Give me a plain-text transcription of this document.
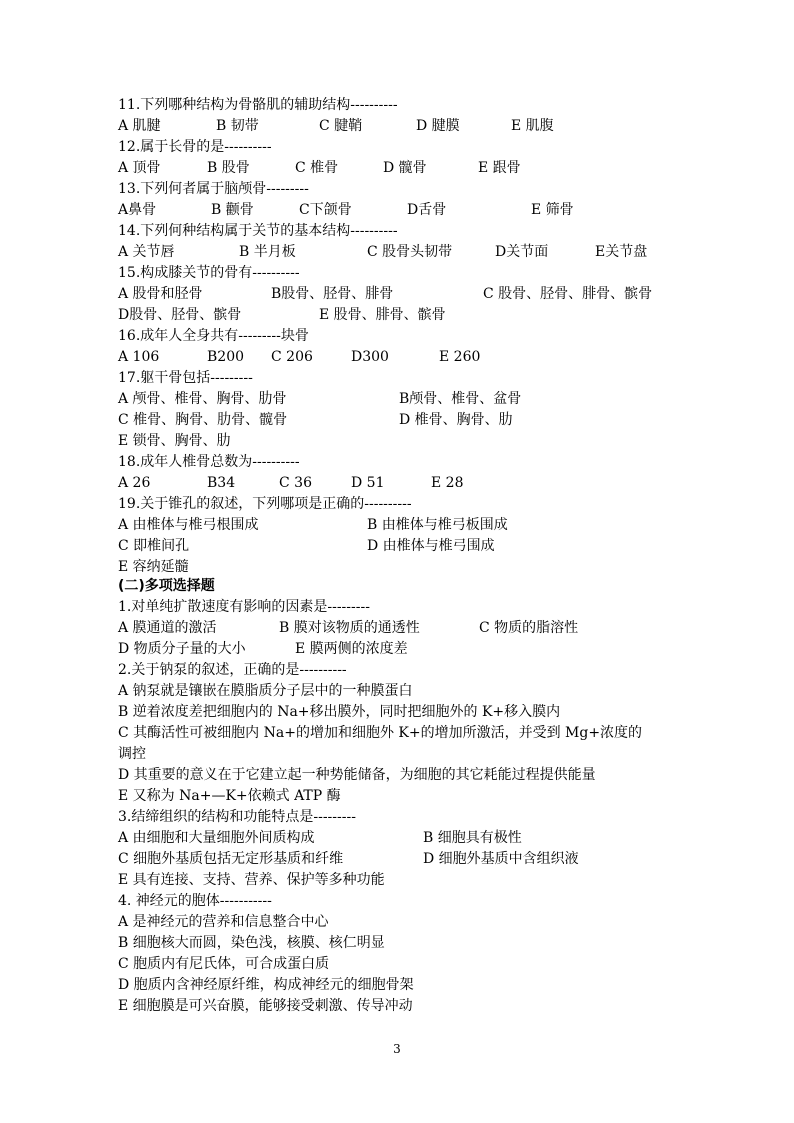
11.下列哪种结构为骨骼肌的辅助结构----------
A 肌腱	B 韧带	C 腱鞘	D 腱膜	E 肌腹
12.属于长骨的是----------
A 顶骨	B 股骨	C 椎骨	D 髋骨	E 跟骨
13.下列何者属于脑颅骨---------
A鼻骨	B 颧骨	C下颌骨	D舌骨	E 筛骨
14.下列何种结构属于关节的基本结构----------
A 关节唇	B 半月板	C 股骨头韧带	D关节面	E关节盘
15.构成膝关节的骨有----------
A 股骨和胫骨	B股骨、胫骨、腓骨	C 股骨、胫骨、腓骨、髌骨
D股骨、胫骨、髌骨	E 股骨、腓骨、髌骨
16.成年人全身共有---------块骨
A 106	B200 C 206	D300	E 260
17.躯干骨包括---------
A 颅骨、椎骨、胸骨、肋骨	B颅骨、椎骨、盆骨
C 椎骨、胸骨、肋骨、髋骨	D 椎骨、胸骨、肋
E 锁骨、胸骨、肋
18.成年人椎骨总数为----------
A 26	B34	C 36	D 51	E 28
19.关于锥孔的叙述，下列哪项是正确的----------
A 由椎体与椎弓根围成	B 由椎体与椎弓板围成
C 即椎间孔	D 由椎体与椎弓围成
E 容纳延髓
(二)多项选择题
1.对单纯扩散速度有影响的因素是---------
A 膜通道的激活	B 膜对该物质的通透性	C 物质的脂溶性
D 物质分子量的大小	E 膜两侧的浓度差
2.关于钠泵的叙述，正确的是----------
A 钠泵就是镶嵌在膜脂质分子层中的一种膜蛋白
B 逆着浓度差把细胞内的 Na+移出膜外，同时把细胞外的 K+移入膜内
C 其酶活性可被细胞内 Na+的增加和细胞外 K+的增加所激活，并受到 Mg+浓度的
调控
D 其重要的意义在于它建立起一种势能储备，为细胞的其它耗能过程提供能量
E 又称为 Na+—K+依赖式 ATP 酶
3.结缔组织的结构和功能特点是---------
A 由细胞和大量细胞外间质构成	B 细胞具有极性
C 细胞外基质包括无定形基质和纤维	D 细胞外基质中含组织液
E 具有连接、支持、营养、保护等多种功能
4. 神经元的胞体-----------
A 是神经元的营养和信息整合中心
B 细胞核大而圆，染色浅，核膜、核仁明显
C 胞质内有尼氏体，可合成蛋白质
D 胞质内含神经原纤维，构成神经元的细胞骨架
E 细胞膜是可兴奋膜，能够接受刺激、传导冲动
3
